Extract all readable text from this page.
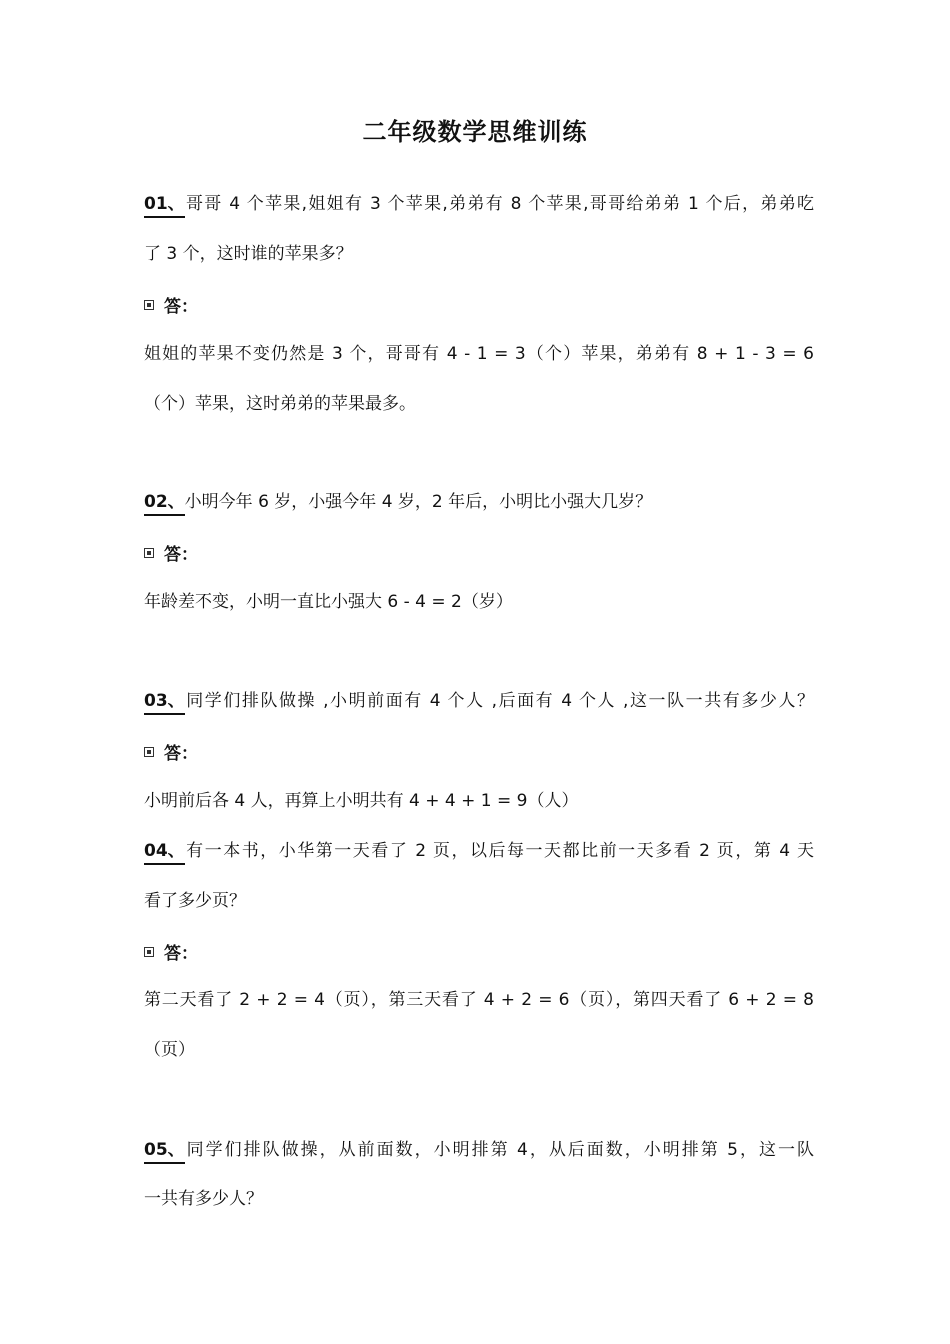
二年级数学思维训练
01、哥哥 4 个苹果,姐姐有 3 个苹果,弟弟有 8 个苹果,哥哥给弟弟 1 个后，弟弟吃
了 3 个，这时谁的苹果多？
答：
姐姐的苹果不变仍然是 3 个，哥哥有 4 - 1 = 3（个）苹果，弟弟有 8 + 1 - 3 = 6
（个）苹果，这时弟弟的苹果最多。
02、小明今年 6 岁，小强今年 4 岁，2 年后，小明比小强大几岁？
答：
年龄差不变，小明一直比小强大 6 - 4 = 2（岁）
03、同学们排队做操 ,小明前面有 4 个人 ,后面有 4 个人 ,这一队一共有多少人？
答：
小明前后各 4 人，再算上小明共有 4 + 4 + 1 = 9（人）
04、有一本书，小华第一天看了 2 页，以后每一天都比前一天多看 2 页，第 4 天
看了多少页？
答：
第二天看了 2 + 2 = 4（页），第三天看了 4 + 2 = 6（页），第四天看了 6 + 2 = 8
（页）
05、同学们排队做操，从前面数，小明排第 4，从后面数，小明排第 5，这一队
一共有多少人？
